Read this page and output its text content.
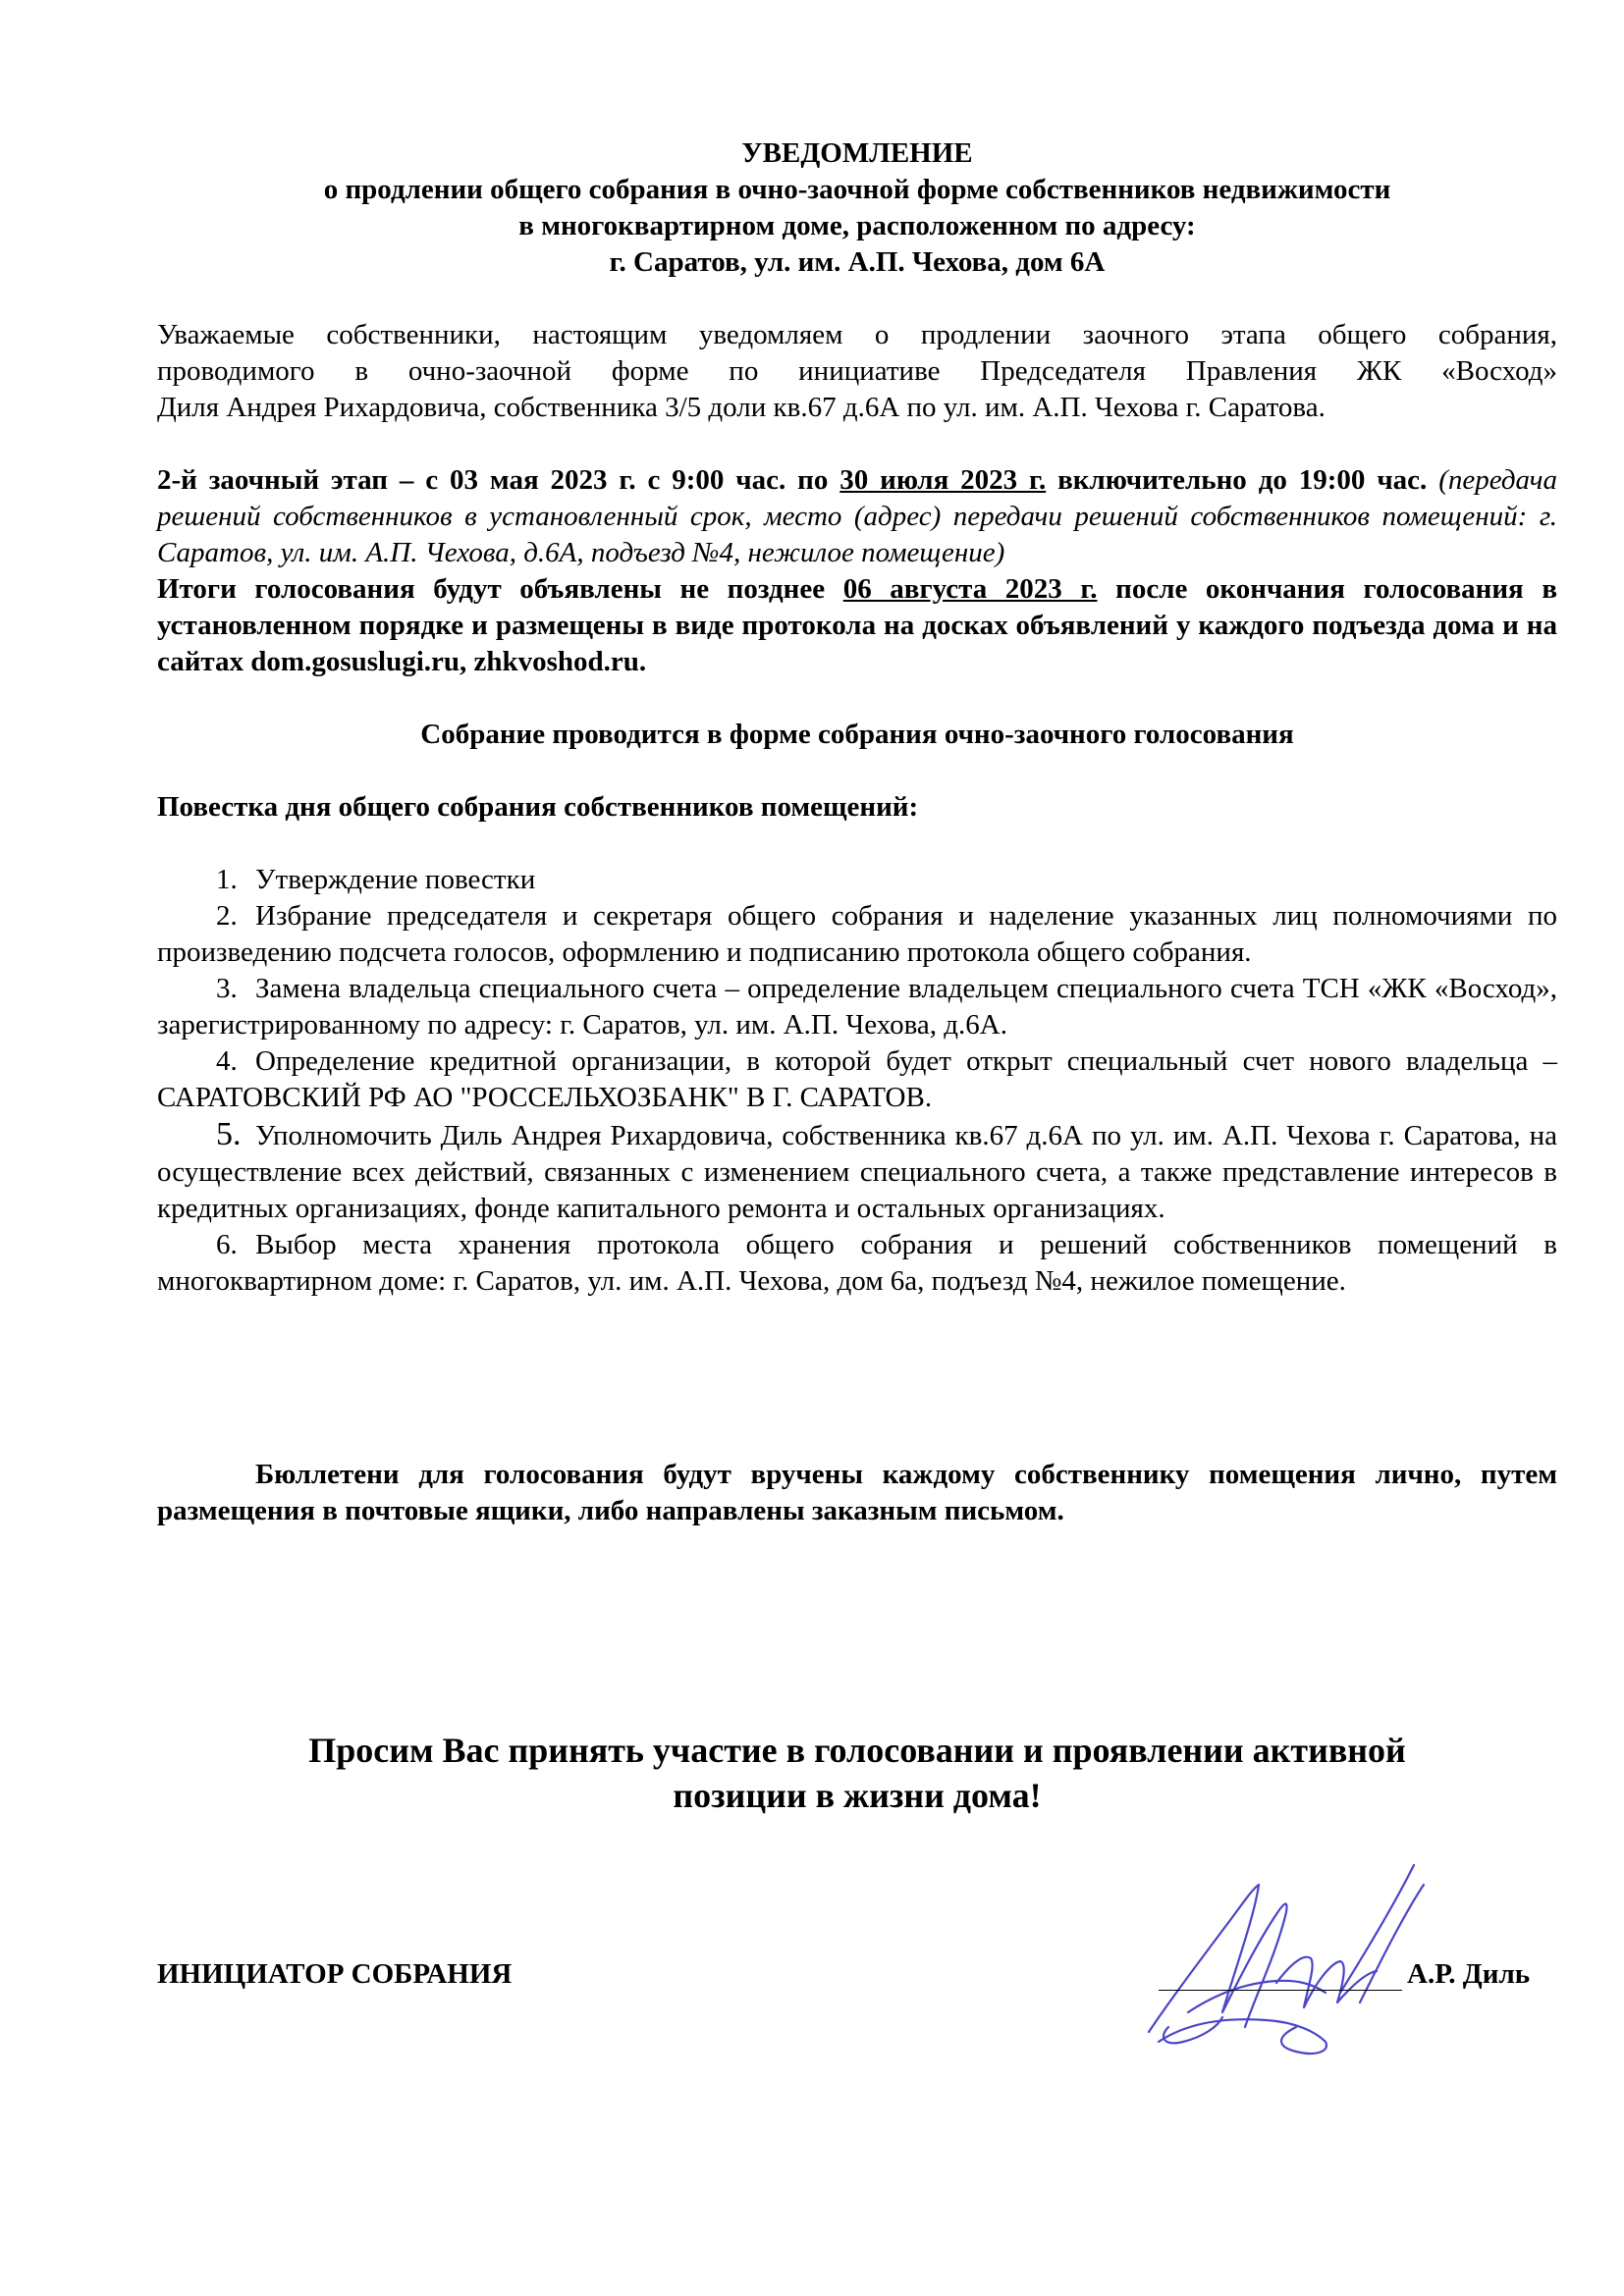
УВЕДОМЛЕНИЕ
о продлении общего собрания в очно-заочной форме собственников недвижимости
в многоквартирном доме, расположенном по адресу:
г. Саратов, ул. им. А.П. Чехова, дом 6А
Уважаемые собственники, настоящим уведомляем о продлении заочного этапа общего собрания,
проводимого в очно-заочной форме по инициативе Председателя Правления ЖК «Восход»
Диля Андрея Рихардовича, собственника 3/5 доли кв.67 д.6А по ул. им. А.П. Чехова г. Саратова.
2-й заочный этап – с 03 мая 2023 г. с 9:00 час. по 30 июля 2023 г. включительно до 19:00 час. (передача решений собственников в установленный срок, место (адрес) передачи решений собственников помещений: г. Саратов, ул. им. А.П. Чехова, д.6А, подъезд №4, нежилое помещение)
Итоги голосования будут объявлены не позднее 06 августа 2023 г. после окончания голосования в установленном порядке и размещены в виде протокола на досках объявлений у каждого подъезда дома и на сайтах dom.gosuslugi.ru, zhkvoshod.ru.
Собрание проводится в форме собрания очно-заочного голосования
Повестка дня общего собрания собственников помещений:
1. Утверждение повестки
2. Избрание председателя и секретаря общего собрания и наделение указанных лиц полномочиями по произведению подсчета голосов, оформлению и подписанию протокола общего собрания.
3. Замена владельца специального счета – определение владельцем специального счета ТСН «ЖК «Восход», зарегистрированному по адресу: г. Саратов, ул. им. А.П. Чехова, д.6А.
4. Определение кредитной организации, в которой будет открыт специальный счет нового владельца – САРАТОВСКИЙ РФ АО "РОССЕЛЬХОЗБАНК" В Г. САРАТОВ.
5. Уполномочить Диль Андрея Рихардовича, собственника кв.67 д.6А по ул. им. А.П. Чехова г. Саратова, на осуществление всех действий, связанных с изменением специального счета, а также представление интересов в кредитных организациях, фонде капитального ремонта и остальных организациях.
6. Выбор места хранения протокола общего собрания и решений собственников помещений в многоквартирном доме: г. Саратов, ул. им. А.П. Чехова, дом 6а, подъезд №4, нежилое помещение.
Бюллетени для голосования будут вручены каждому собственнику помещения лично, путем размещения в почтовые ящики, либо направлены заказным письмом.
Просим Вас принять участие в голосовании и проявлении активной
позиции в жизни дома!
ИНИЦИАТОР СОБРАНИЯ	А.Р. Диль
